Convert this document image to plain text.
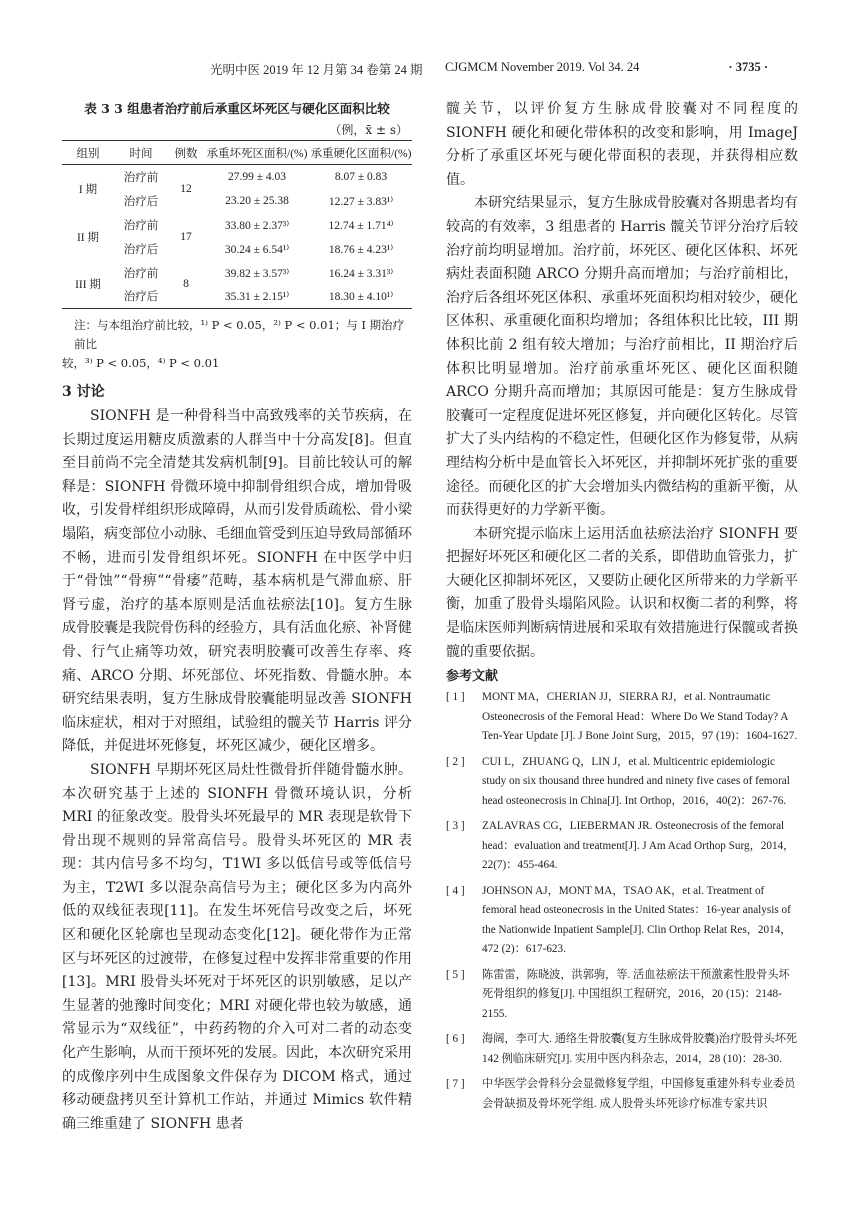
光明中医 2019 年 12 月第 34 卷第 24 期 CJGMCM November 2019. Vol 34. 24	· 3735 ·
表 3 3 组患者治疗前后承重区坏死区与硬化区面积比较
（例，x̄ ± s）
组别	时间	例数	承重坏死区面积/(%)	承重硬化区面积/(%)
I 期	治疗前	12	27.99 ± 4.03	8.07 ± 0.83
	治疗后		23.20 ± 25.38	12.27 ± 3.83¹⁾
II 期	治疗前	17	33.80 ± 2.37³⁾	12.74 ± 1.71⁴⁾
	治疗后		30.24 ± 6.54¹⁾	18.76 ± 4.23¹⁾
III 期	治疗前	8	39.82 ± 3.57³⁾	16.24 ± 3.31³⁾
	治疗后		35.31 ± 2.15¹⁾	18.30 ± 4.10¹⁾
注：与本组治疗前比较，¹⁾ P < 0.05，²⁾ P < 0.01；与 I 期治疗前比
较，³⁾ P < 0.05，⁴⁾ P < 0.01
3 讨论

SIONFH 是一种骨科当中高致残率的关节疾病，在长期过度运用糖皮质激素的人群当中十分高发[8]。但直至目前尚不完全清楚其发病机制[9]。目前比较认可的解释是：SIONFH 骨微环境中抑制骨组织合成，增加骨吸收，引发骨样组织形成障碍，从而引发骨质疏松、骨小梁塌陷，病变部位小动脉、毛细血管受到压迫导致局部循环不畅，进而引发骨组织坏死。SIONFH 在中医学中归于“骨蚀”“骨痹”“骨痿”范畴，基本病机是气滞血瘀、肝肾亏虚，治疗的基本原则是活血祛瘀法[10]。复方生脉成骨胶囊是我院骨伤科的经验方，具有活血化瘀、补肾健骨、行气止痛等功效，研究表明胶囊可改善生存率、疼痛、ARCO 分期、坏死部位、坏死指数、骨髓水肿。本研究结果表明，复方生脉成骨胶囊能明显改善 SIONFH 临床症状，相对于对照组，试验组的髋关节 Harris 评分降低，并促进坏死修复，坏死区减少，硬化区增多。

SIONFH 早期坏死区局灶性微骨折伴随骨髓水肿。本次研究基于上述的 SIONFH 骨微环境认识，分析 MRI 的征象改变。股骨头坏死最早的 MR 表现是软骨下骨出现不规则的异常高信号。股骨头坏死区的 MR 表现：其内信号多不均匀，T1WI 多以低信号或等低信号为主，T2WI 多以混杂高信号为主；硬化区多为内高外低的双线征表现[11]。在发生坏死信号改变之后，坏死区和硬化区轮廓也呈现动态变化[12]。硬化带作为正常区与坏死区的过渡带，在修复过程中发挥非常重要的作用[13]。MRI 股骨头坏死对于坏死区的识别敏感，足以产生显著的弛豫时间变化；MRI 对硬化带也较为敏感，通常显示为“双线征”，中药药物的介入可对二者的动态变化产生影响，从而干预坏死的发展。因此，本次研究采用的成像序列中生成图象文件保存为 DICOM 格式，通过移动硬盘拷贝至计算机工作站，并通过 Mimics 软件精确三维重建了 SIONFH 患者

髋关节，以评价复方生脉成骨胶囊对不同程度的 SIONFH 硬化和硬化带体积的改变和影响，用 ImageJ 分析了承重区坏死与硬化带面积的表现，并获得相应数值。

本研究结果显示，复方生脉成骨胶囊对各期患者均有较高的有效率，3 组患者的 Harris 髋关节评分治疗后较治疗前均明显增加。治疗前，坏死区、硬化区体积、坏死病灶表面积随 ARCO 分期升高而增加；与治疗前相比，治疗后各组坏死区体积、承重坏死面积均相对较少，硬化区体积、承重硬化面积均增加；各组体积比比较，III 期体积比前 2 组有较大增加；与治疗前相比，II 期治疗后体积比明显增加。治疗前承重坏死区、硬化区面积随 ARCO 分期升高而增加；其原因可能是：复方生脉成骨胶囊可一定程度促进坏死区修复，并向硬化区转化。尽管扩大了头内结构的不稳定性，但硬化区作为修复带，从病理结构分析中是血管长入坏死区，并抑制坏死扩张的重要途径。而硬化区的扩大会增加头内微结构的重新平衡，从而获得更好的力学新平衡。

本研究提示临床上运用活血祛瘀法治疗 SIONFH 要把握好坏死区和硬化区二者的关系，即借助血管张力，扩大硬化区抑制坏死区，又要防止硬化区所带来的力学新平衡，加重了股骨头塌陷风险。认识和权衡二者的利弊，将是临床医师判断病情进展和采取有效措施进行保髋或者换髋的重要依据。

参考文献
[ 1 ]	MONT MA，CHERIAN JJ，SIERRA RJ，et al. Nontraumatic Osteonecrosis of the Femoral Head：Where Do We Stand Today? A Ten-Year Update [J]. J Bone Joint Surg，2015，97 (19)：1604-1627.
[ 2 ]	CUI L，ZHUANG Q，LIN J，et al. Multicentric epidemiologic study on six thousand three hundred and ninety five cases of femoral head osteonecrosis in China[J]. Int Orthop，2016，40(2)：267-76.
[ 3 ]	ZALAVRAS CG，LIEBERMAN JR. Osteonecrosis of the femoral head：evaluation and treatment[J]. J Am Acad Orthop Surg，2014，22(7)：455-464.
[ 4 ]	JOHNSON AJ，MONT MA，TSAO AK，et al. Treatment of femoral head osteonecrosis in the United States：16-year analysis of the Nationwide Inpatient Sample[J]. Clin Orthop Relat Res，2014，472 (2)：617-623.
[ 5 ]	陈雷雷，陈晓波，洪郭驹，等. 活血祛瘀法干预激素性股骨头坏死骨组织的修复[J]. 中国组织工程研究，2016，20 (15)：2148-2155.
[ 6 ]	海阔，李可大. 通络生骨胶囊(复方生脉成骨胶囊)治疗股骨头坏死 142 例临床研究[J]. 实用中医内科杂志，2014，28 (10)：28-30.
[ 7 ]	中华医学会骨科分会显微修复学组，中国修复重建外科专业委员会骨缺损及骨坏死学组. 成人股骨头坏死诊疗标准专家共识
